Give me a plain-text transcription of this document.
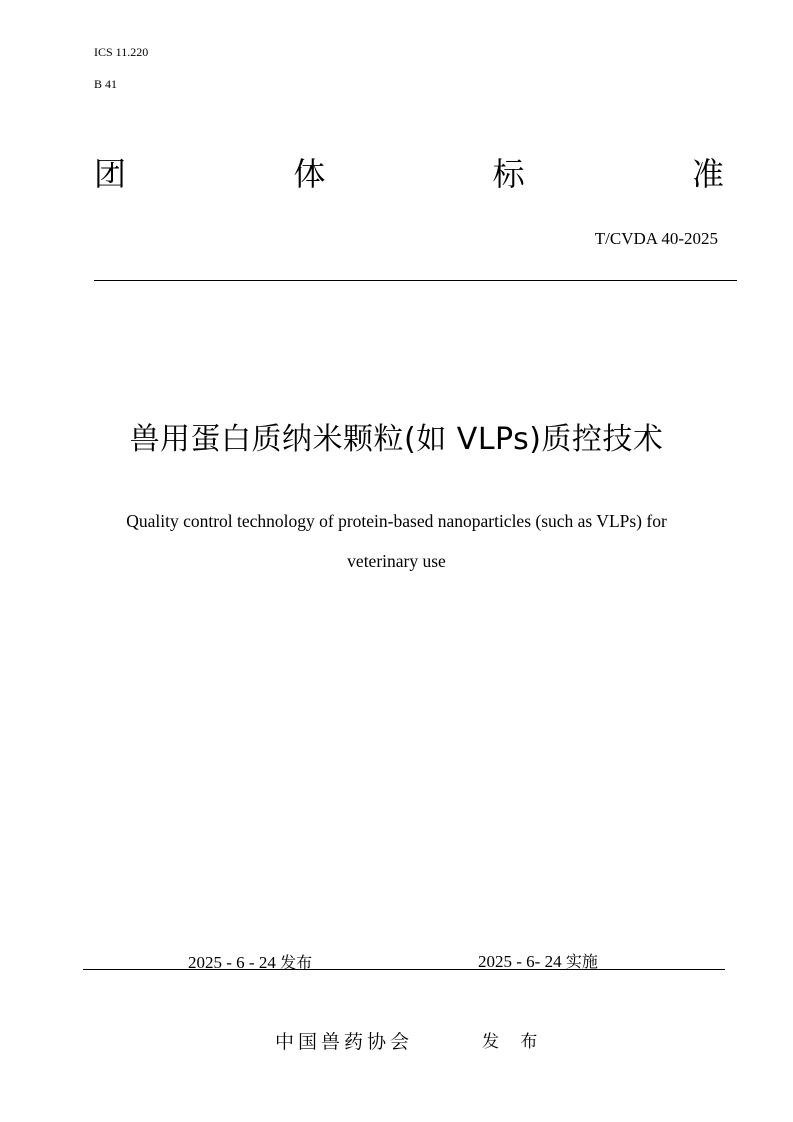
ICS 11.220
B 41
团	体	标	准
T/CVDA 40-2025
兽用蛋白质纳米颗粒(如 VLPs)质控技术
Quality control technology of protein-based nanoparticles (such as VLPs) for
veterinary use
2025 - 6 - 24 发布	2025 - 6- 24 实施
中国兽药协会	发 布
